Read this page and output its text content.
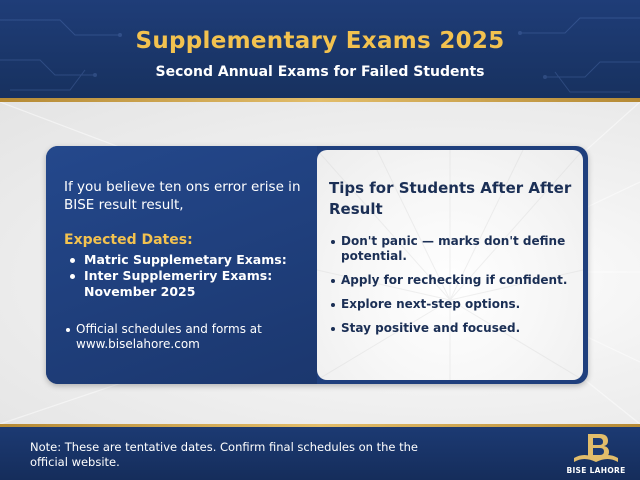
Supplementary Exams 2025
Second Annual Exams for Failed Students
If you believe ten ons error erise in BISE result result,
Expected Dates:
Matric Supplemetary Exams:
Inter Supplemeriry Exams: November 2025
Official schedules and forms at
www.biselahore.com
Tips for Students After After Result
Don't panic — marks don't define potential.
Apply for rechecking if confident.
Explore next-step options.
Stay positive and focused.
Note: These are tentative dates. Confirm final schedules on the the official website.
BISE LAHORE
